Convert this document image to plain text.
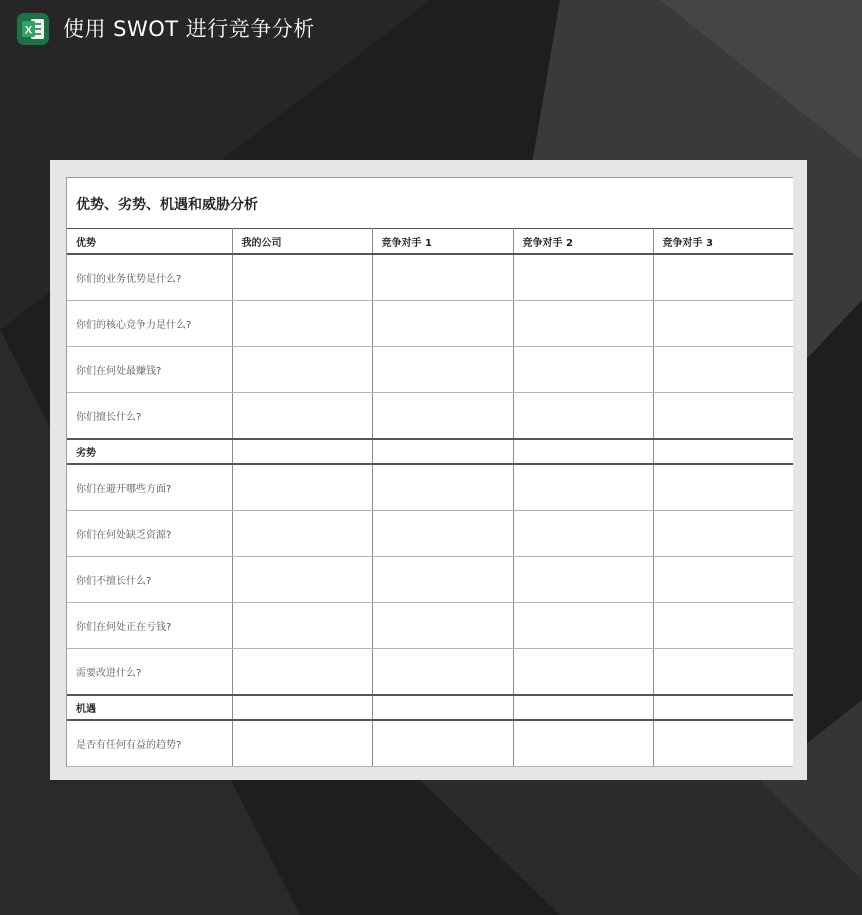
X 使用 SWOT 进行竞争分析
优势、劣势、机遇和威胁分析
优势	我的公司	竞争对手 1	竞争对手 2	竞争对手 3
你们的业务优势是什么?				
你们的核心竞争力是什么?				
你们在何处最赚钱?				
你们擅长什么?				
劣势				
你们在避开哪些方面?				
你们在何处缺乏资源?				
你们不擅长什么?				
你们在何处正在亏钱?				
需要改进什么?				
机遇				
是否有任何有益的趋势?				
